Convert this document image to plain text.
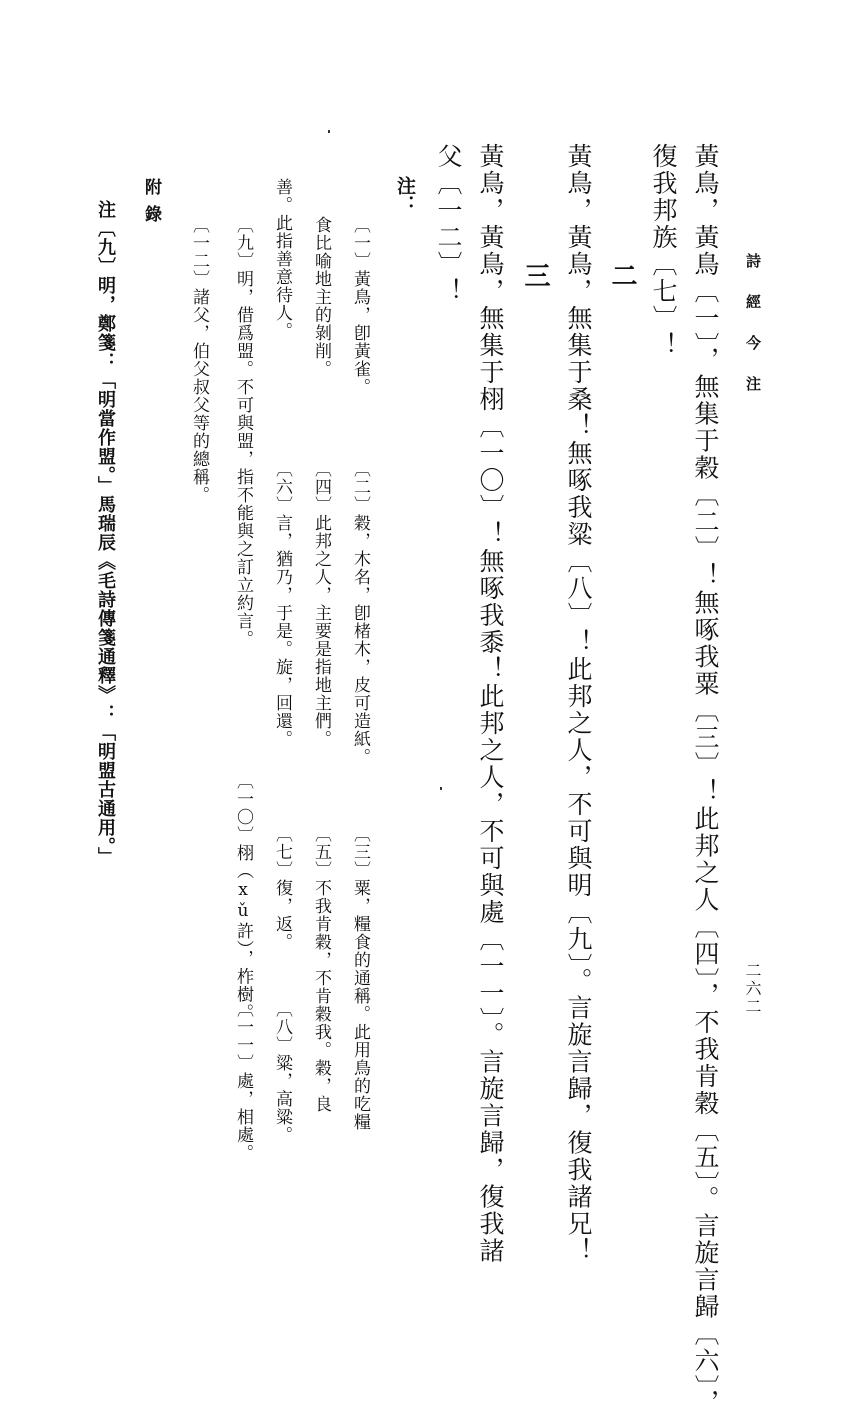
詩經今注
二六二
黃鳥，黃鳥〔一〕，無集于穀〔二〕！無啄我粟〔三〕！此邦之人〔四〕，不我肯穀〔五〕。言旋言歸〔六〕，
復我邦族〔七〕！
二
黃鳥，黃鳥，無集于桑！無啄我粱〔八〕！此邦之人，不可與明〔九〕。言旋言歸，復我諸兄！
三
黃鳥，黃鳥，無集于栩〔一〇〕！無啄我黍！此邦之人，不可與處〔一一〕。言旋言歸，復我諸
父〔一二〕！
注：
〔一〕黃鳥，卽黃雀。
〔二〕穀，木名，卽楮木，皮可造紙。
〔三〕粟，糧食的通稱。此用鳥的吃糧
食比喻地主的剝削。
〔四〕此邦之人，主要是指地主們。
〔五〕不我肯穀，不肯穀我。穀，良
善。此指善意待人。
〔六〕言，猶乃，于是。旋，回還。
〔七〕復，返。
〔八〕粱，高粱。
〔九〕明，借爲盟。不可與盟，指不能與之訂立約言。
〔一〇〕栩（xǔ許），柞樹。
〔一一〕處，相處。
〔一二〕諸父，伯父叔父等的總稱。
附錄
注〔九〕明，鄭箋：「明當作盟。」馬瑞辰《毛詩傳箋通釋》：「明盟古通用。」
